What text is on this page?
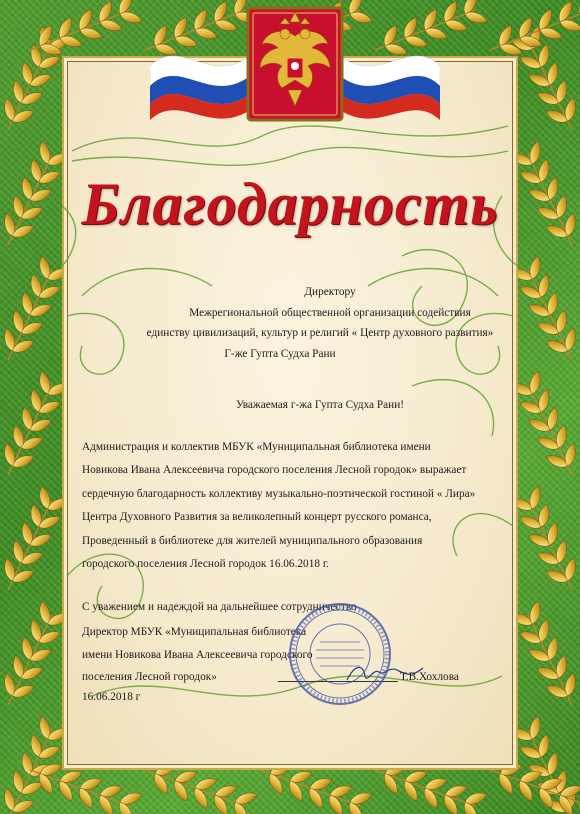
Благодарность
Директору
Межрегиональной общественной организации содействия
единству цивилизаций, культур и религий « Центр духовного развития»
Г-же Гупта Судха Рани
Уважаемая г-жа Гупта Судха Рани!
Администрация и коллектив МБУК «Муниципальная библиотека имени
Новикова Ивана Алексеевича городского поселения Лесной городок» выражает
сердечную благодарность коллективу музыкально-поэтической гостиной « Лира»
Центра Духовного Развития за великолепный концерт русского романса,
Проведенный в библиотеке для жителей муниципального образования
городского поселения Лесной городок 16.06.2018 г.
С уважением и надеждой на дальнейшее сотрудничество
Директор МБУК «Муниципальная библиотека
имени Новикова Ивана Алексеевича городского
поселения Лесной городок»	Т.В.Хохлова
16.06.2018 г
